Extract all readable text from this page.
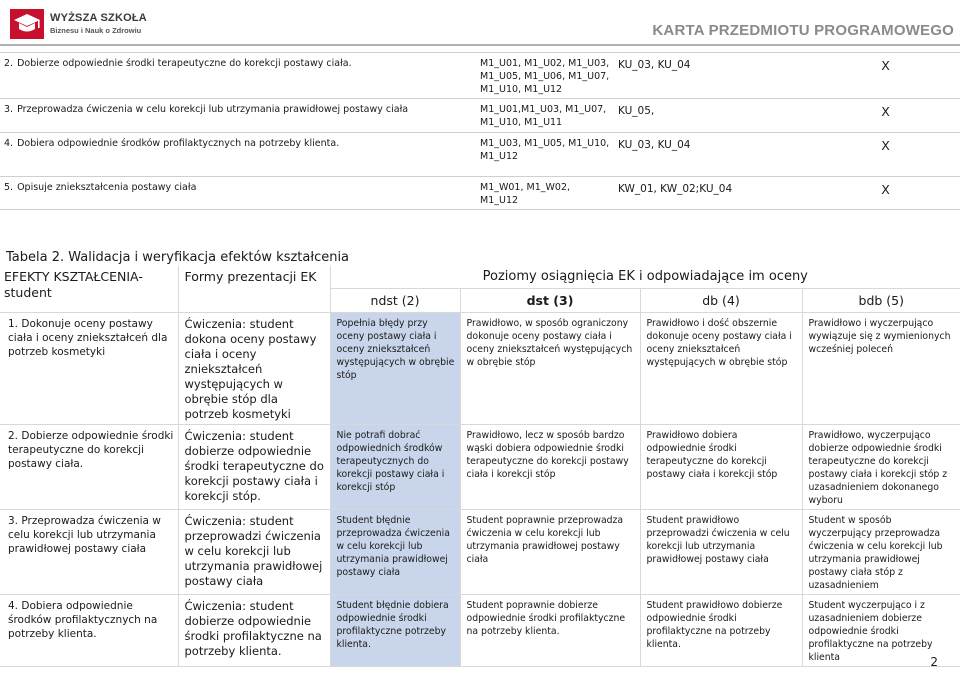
WYŻSZA SZKOŁA
Biznesu i Nauk o Zdrowiu	KARTA PRZEDMIOTU PROGRAMOWEGO
2. Dobierze odpowiednie środki terapeutyczne do korekcji postawy ciała.	M1_U01, M1_U02, M1_U03, M1_U05, M1_U06, M1_U07, M1_U10, M1_U12	KU_03, KU_04	X
3. Przeprowadza ćwiczenia w celu korekcji lub utrzymania prawidłowej postawy ciała	M1_U01,M1_U03, M1_U07, M1_U10, M1_U11	KU_05,	X
4. Dobiera odpowiednie środków profilaktycznych na potrzeby klienta.	M1_U03, M1_U05, M1_U10, M1_U12	KU_03, KU_04	X
5. Opisuje zniekształcenia postawy ciała	M1_W01, M1_W02, M1_U12	KW_01, KW_02;KU_04	X
Tabela 2. Walidacja i weryfikacja efektów kształcenia
EFEKTY KSZTAŁCENIA-student	Formy prezentacji EK	Poziomy osiągnięcia EK i odpowiadające im oceny			
		ndst (2)	dst (3)	db (4)	bdb (5)
1. Dokonuje oceny postawy ciała i oceny zniekształceń dla potrzeb kosmetyki	Ćwiczenia: student dokona oceny postawy ciała i oceny zniekształceń występujących w obrębie stóp dla potrzeb kosmetyki	Popełnia błędy przy oceny postawy ciała i oceny zniekształceń występujących w obrębie stóp	Prawidłowo, w sposób ograniczony dokonuje oceny postawy ciała i oceny zniekształceń występujących w obrębie stóp	Prawidłowo i dość obszernie dokonuje oceny postawy ciała i oceny zniekształceń występujących w obrębie stóp	Prawidłowo i wyczerpująco wywiązuje się z wymienionych wcześniej poleceń
2. Dobierze odpowiednie środki terapeutyczne do korekcji postawy ciała.	Ćwiczenia: student dobierze odpowiednie środki terapeutyczne do korekcji postawy ciała i korekcji stóp.	Nie potrafi dobrać odpowiednich środków terapeutycznych do korekcji postawy ciała i korekcji stóp	Prawidłowo, lecz w sposób bardzo wąski dobiera odpowiednie środki terapeutyczne do korekcji postawy ciała i korekcji stóp	Prawidłowo dobiera odpowiednie środki terapeutyczne do korekcji postawy ciała i korekcji stóp	Prawidłowo, wyczerpująco dobierze odpowiednie środki terapeutyczne do korekcji postawy ciała i korekcji stóp z uzasadnieniem dokonanego wyboru
3. Przeprowadza ćwiczenia w celu korekcji lub utrzymania prawidłowej postawy ciała	Ćwiczenia: student przeprowadzi ćwiczenia w celu korekcji lub utrzymania prawidłowej postawy ciała	Student błędnie przeprowadza ćwiczenia w celu korekcji lub utrzymania prawidłowej postawy ciała	Student poprawnie przeprowadza ćwiczenia w celu korekcji lub utrzymania prawidłowej postawy ciała	Student prawidłowo przeprowadzi ćwiczenia w celu korekcji lub utrzymania prawidłowej postawy ciała	Student w sposób wyczerpujący przeprowadza ćwiczenia w celu korekcji lub utrzymania prawidłowej postawy ciała stóp z uzasadnieniem
4. Dobiera odpowiednie środków profilaktycznych na potrzeby klienta.	Ćwiczenia: student dobierze odpowiednie środki profilaktyczne na potrzeby klienta.	Student błędnie dobiera odpowiednie środki profilaktyczne potrzeby klienta.	Student poprawnie dobierze odpowiednie środki profilaktyczne na potrzeby klienta.	Student prawidłowo dobierze odpowiednie środki profilaktyczne na potrzeby klienta.	Student wyczerpująco i z uzasadnieniem dobierze odpowiednie środki profilaktyczne na potrzeby klienta	2
